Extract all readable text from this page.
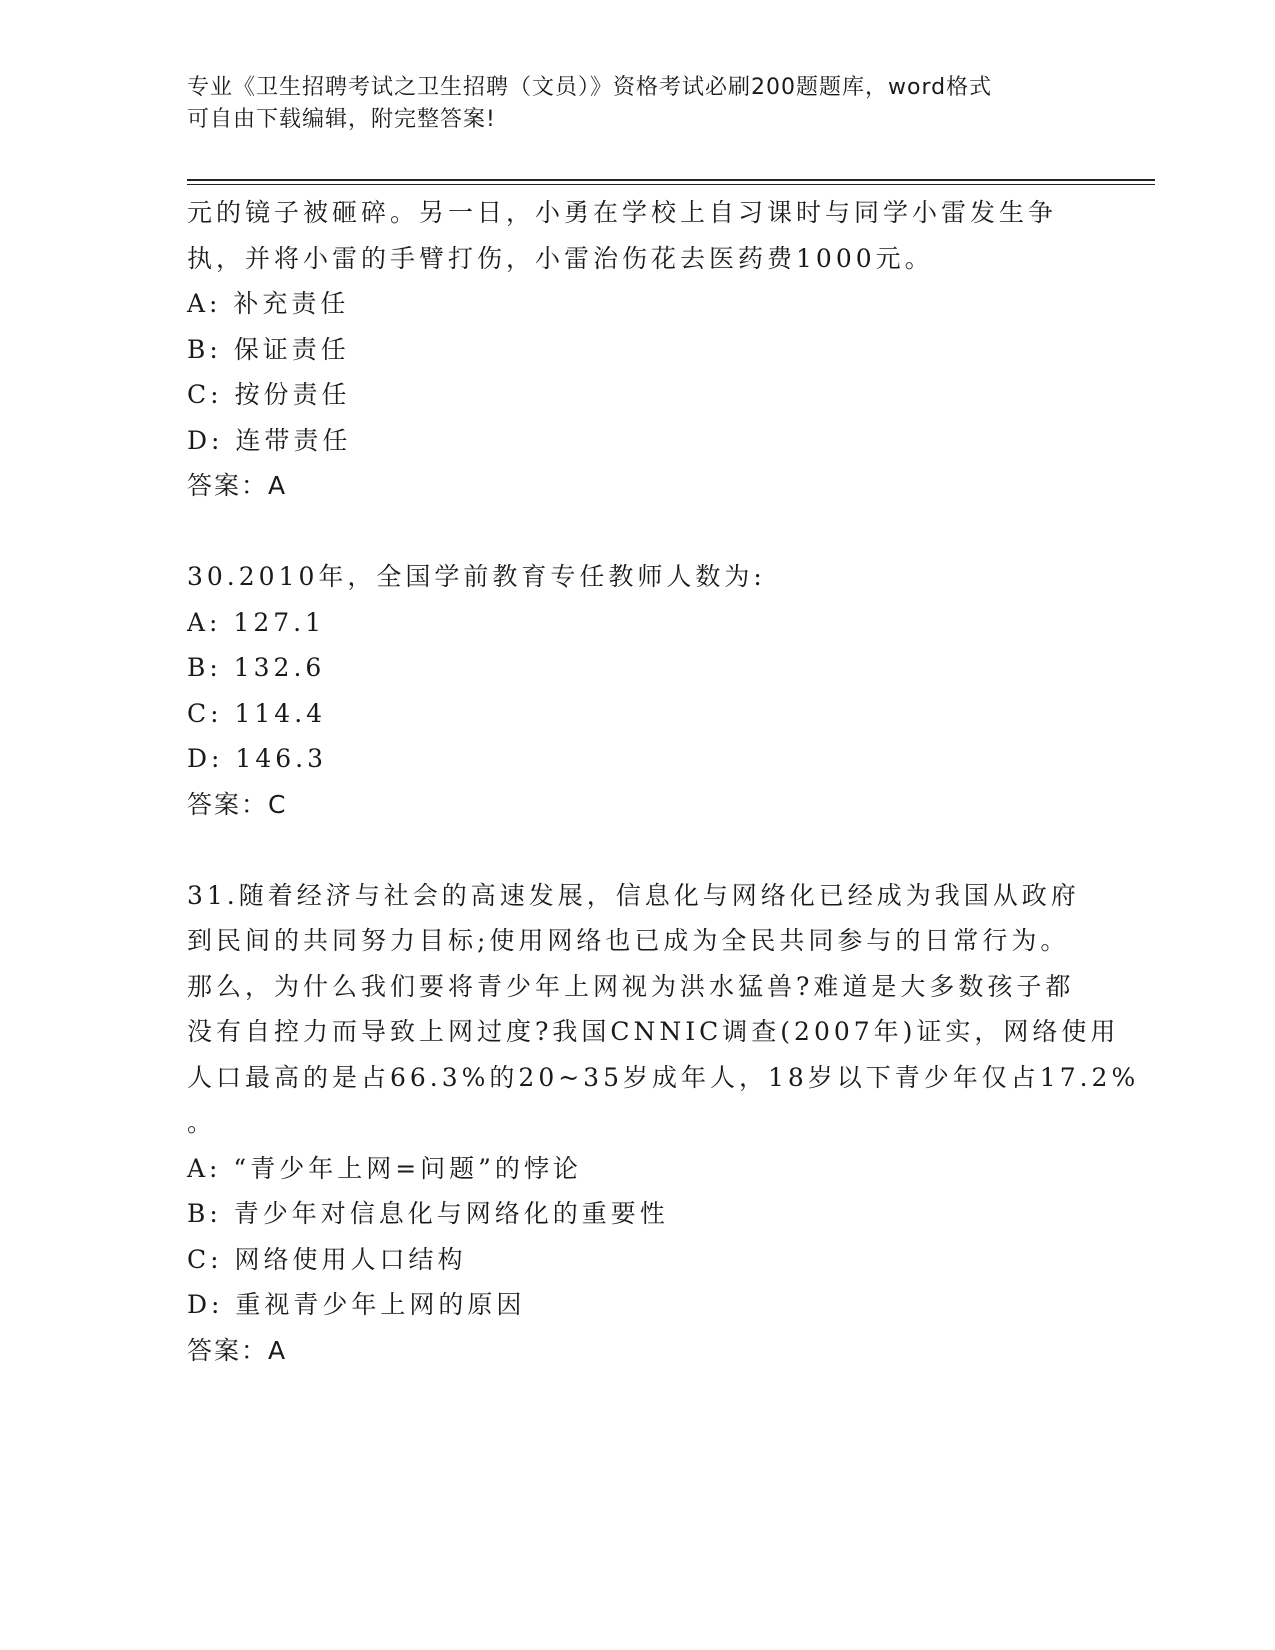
专业《卫生招聘考试之卫生招聘（文员）》资格考试必刷200题题库，word格式
可自由下载编辑，附完整答案!
元的镜子被砸碎。另一日，小勇在学校上自习课时与同学小雷发生争
执，并将小雷的手臂打伤，小雷治伤花去医药费1000元。
A: 补充责任
B: 保证责任
C: 按份责任
D: 连带责任
答案：A
30.2010年，全国学前教育专任教师人数为:
A: 127.1
B: 132.6
C: 114.4
D: 146.3
答案：C
31.随着经济与社会的高速发展，信息化与网络化已经成为我国从政府
到民间的共同努力目标;使用网络也已成为全民共同参与的日常行为。
那么，为什么我们要将青少年上网视为洪水猛兽?难道是大多数孩子都
没有自控力而导致上网过度?我国CNNIC调查(2007年)证实，网络使用
人口最高的是占66.3%的20~35岁成年人，18岁以下青少年仅占17.2%
。
A: “青少年上网=问题”的悖论
B: 青少年对信息化与网络化的重要性
C: 网络使用人口结构
D: 重视青少年上网的原因
答案：A
